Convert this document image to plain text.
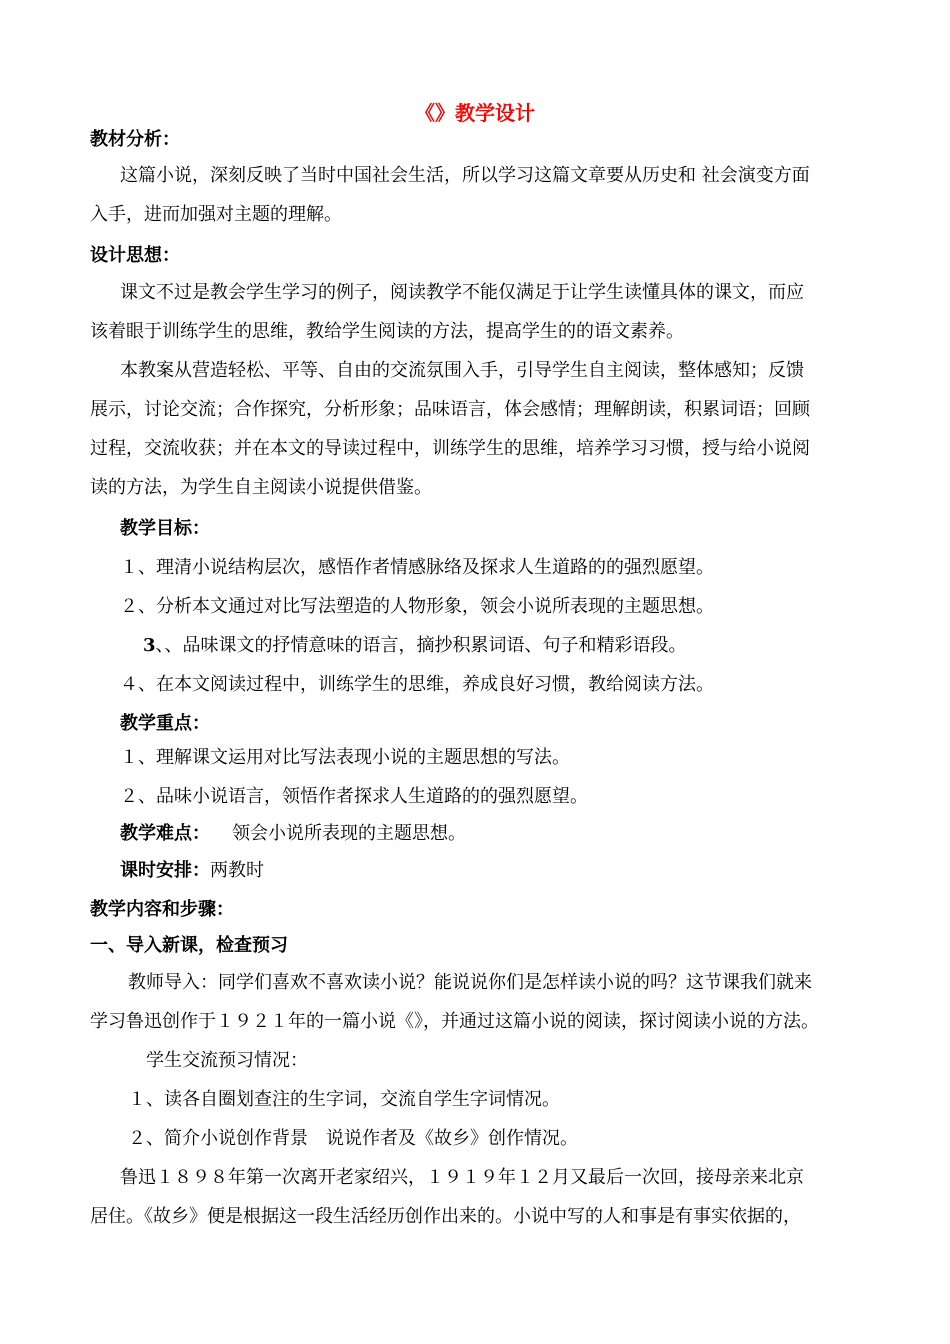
《》教学设计
教材分析：
这篇小说，深刻反映了当时中国社会生活，所以学习这篇文章要从历史和 社会演变方面
入手，进而加强对主题的理解。
设计思想：
课文不过是教会学生学习的例子，阅读教学不能仅满足于让学生读懂具体的课文，而应
该着眼于训练学生的思维，教给学生阅读的方法，提高学生的的语文素养。
本教案从营造轻松、平等、自由的交流氛围入手，引导学生自主阅读，整体感知；反馈
展示，讨论交流；合作探究，分析形象；品味语言，体会感情；理解朗读，积累词语；回顾
过程，交流收获；并在本文的导读过程中，训练学生的思维，培养学习习惯，授与给小说阅
读的方法，为学生自主阅读小说提供借鉴。
教学目标：
１、理清小说结构层次，感悟作者情感脉络及探求人生道路的的强烈愿望。
２、分析本文通过对比写法塑造的人物形象，领会小说所表现的主题思想。
3、、品味课文的抒情意味的语言，摘抄积累词语、句子和精彩语段。
４、在本文阅读过程中，训练学生的思维，养成良好习惯，教给阅读方法。
教学重点：
１、理解课文运用对比写法表现小说的主题思想的写法。
２、品味小说语言，领悟作者探求人生道路的的强烈愿望。
教学难点： 领会小说所表现的主题思想。
课时安排：两教时
教学内容和步骤：
一、导入新课，检查预习
教师导入：同学们喜欢不喜欢读小说？能说说你们是怎样读小说的吗？这节课我们就来
学习鲁迅创作于１９２１年的一篇小说《》，并通过这篇小说的阅读，探讨阅读小说的方法。
学生交流预习情况：
１、读各自圈划查注的生字词，交流自学生字词情况。
２、简介小说创作背景　说说作者及《故乡》创作情况。
鲁迅１８９８年第一次离开老家绍兴，１９１９年１２月又最后一次回，接母亲来北京
居住。《故乡》便是根据这一段生活经历创作出来的。小说中写的人和事是有事实依据的，
